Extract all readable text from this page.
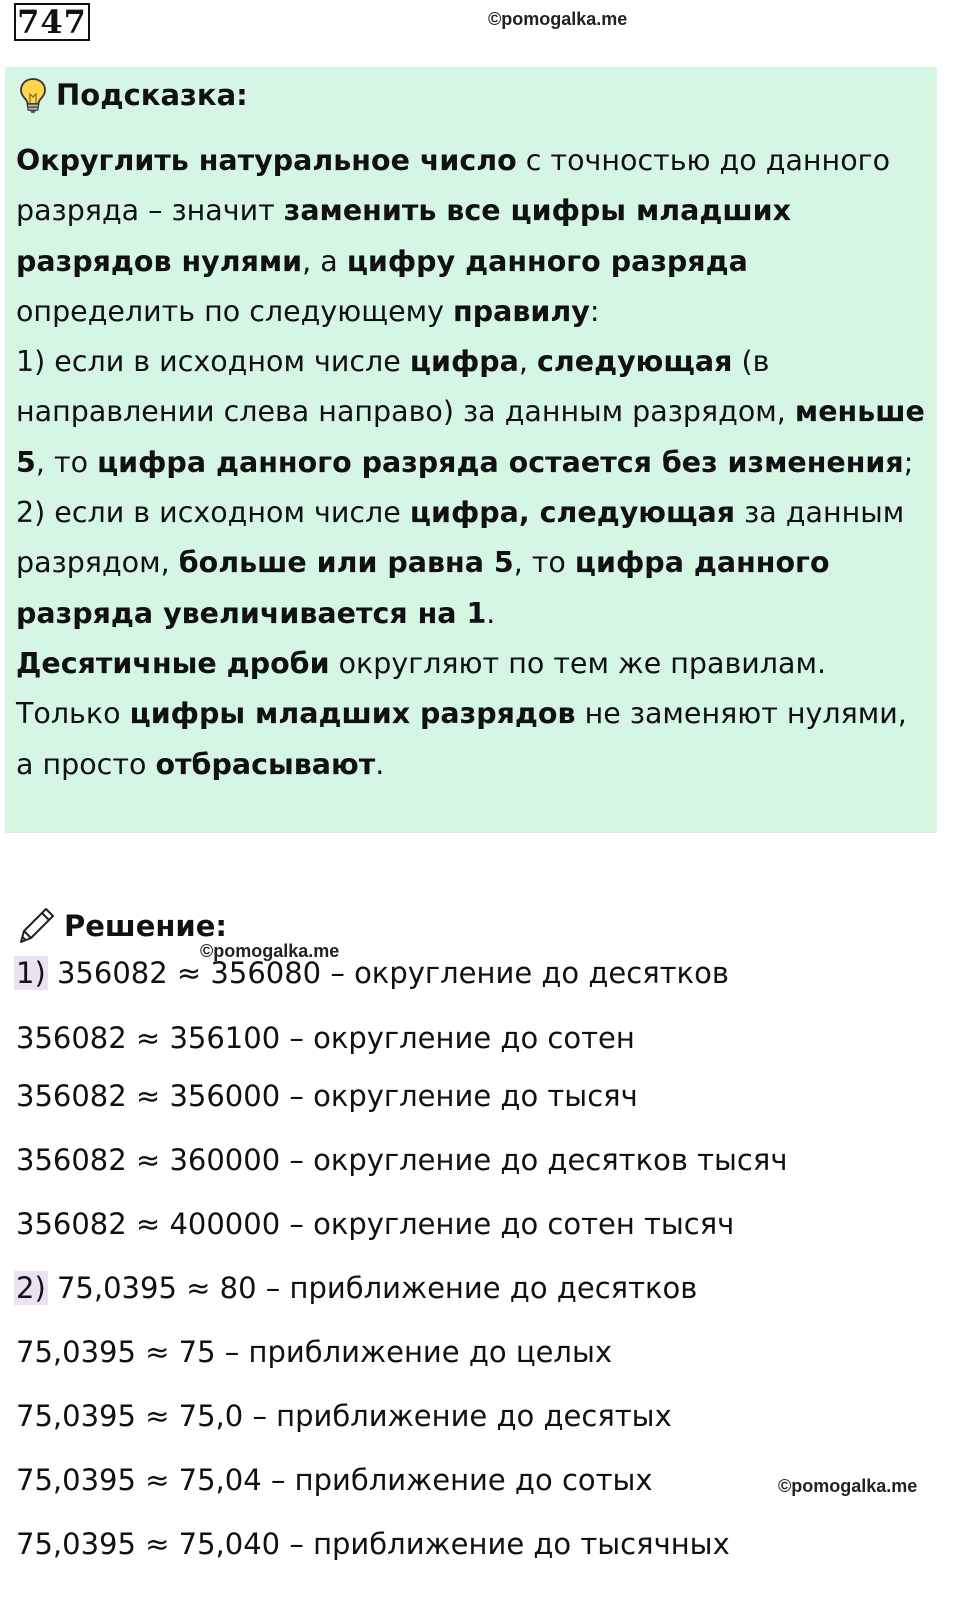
747	©pomogalka.me
Подсказка:

Округлить натуральное число с точностью до данного разряда – значит заменить все цифры младших разрядов нулями, а цифру данного разряда определить по следующему правилу:

1) если в исходном числе цифра, следующая (в направлении слева направо) за данным разрядом, меньше 5, то цифра данного разряда остается без изменения;

2) если в исходном числе цифра, следующая за данным разрядом, больше или равна 5, то цифра данного разряда увеличивается на 1.

Десятичные дроби округляют по тем же правилам. Только цифры младших разрядов не заменяют нулями, а просто отбрасывают.

Решение:
©pomogalka.me
1) 356082 ≈ 356080 – округление до десятков
356082 ≈ 356100 – округление до сотен
356082 ≈ 356000 – округление до тысяч
356082 ≈ 360000 – округление до десятков тысяч
356082 ≈ 400000 – округление до сотен тысяч
2) 75,0395 ≈ 80 – приближение до десятков
75,0395 ≈ 75 – приближение до целых
75,0395 ≈ 75,0 – приближение до десятых
75,0395 ≈ 75,04 – приближение до сотых
75,0395 ≈ 75,040 – приближение до тысячных
©pomogalka.me
